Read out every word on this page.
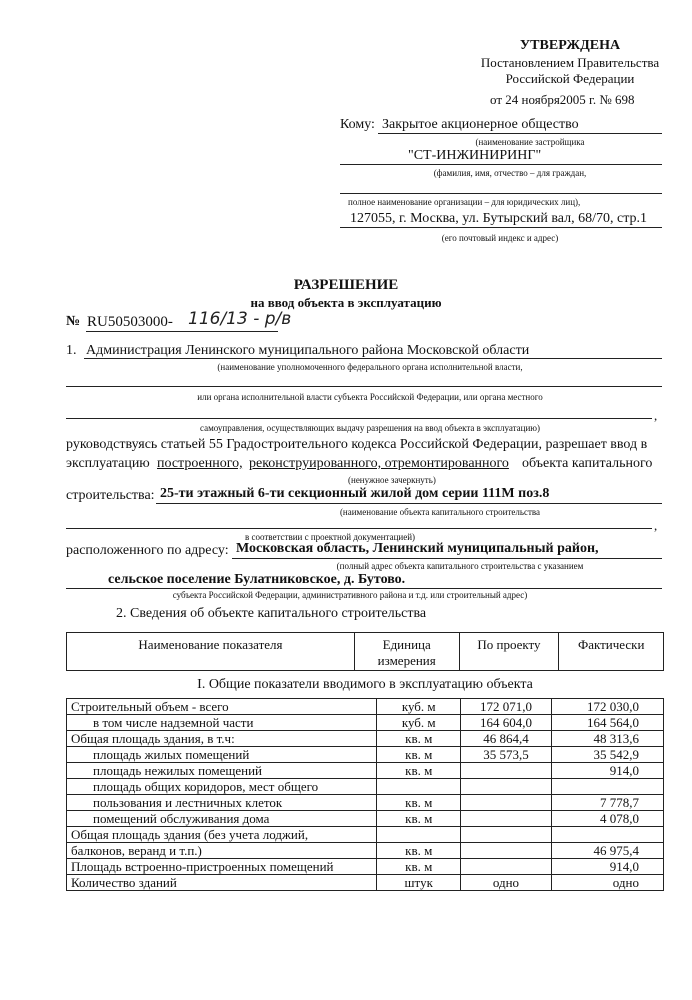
УТВЕРЖДЕНА
Постановлением Правительства
Российской Федерации
от 24 ноября2005 г. № 698
Кому: Закрытое акционерное общество
(наименование застройщика
"СТ-ИНЖИНИРИНГ"
(фамилия, имя, отчество – для граждан,
полное наименование организации – для юридических лиц),
127055, г. Москва, ул. Бутырский вал, 68/70, стр.1
(его почтовый индекс и адрес)
РАЗРЕШЕНИЕ
на ввод объекта в эксплуатацию
№ RU50503000- 116/13 - р/в
1. Администрация Ленинского муниципального района Московской области
(наименование уполномоченного федерального органа исполнительной власти,
или органа исполнительной власти субъекта Российской Федерации, или органа местного
,
самоуправления, осуществляющих выдачу разрешения на ввод объекта в эксплуатацию)
руководствуясь статьей 55 Градостроительного кодекса Российской Федерации, разрешает ввод в
эксплуатацию построенного, реконструированного, отремонтированного объекта капитального
(ненужное зачеркнуть)
строительства: 25-ти этажный 6-ти секционный жилой дом серии 111М поз.8
(наименование объекта капитального строительства
,
в соответствии с проектной документацией)
расположенного по адресу: Московская область, Ленинский муниципальный район,
(полный адрес объекта капитального строительства с указанием
сельское поселение Булатниковское, д. Бутово.
субъекта Российской Федерации, административного района и т.д. или строительный адрес)
2. Сведения об объекте капитального строительства
Наименование показателя	Единица измерения	По проекту	Фактически
I. Общие показатели вводимого в эксплуатацию объекта
Строительный объем - всего	куб. м	172 071,0	172 030,0
в том числе надземной части	куб. м	164 604,0	164 564,0
Общая площадь здания, в т.ч:	кв. м	46 864,4	48 313,6
площадь жилых помещений	кв. м	35 573,5	35 542,9
площадь нежилых помещений	кв. м		914,0
площадь общих коридоров, мест общего			
пользования и лестничных клеток	кв. м		7 778,7
помещений обслуживания дома	кв. м		4 078,0
Общая площадь здания (без учета лоджий,			
балконов, веранд и т.п.)	кв. м		46 975,4
Площадь встроенно-пристроенных помещений	кв. м		914,0
Количество зданий	штук	одно	одно
